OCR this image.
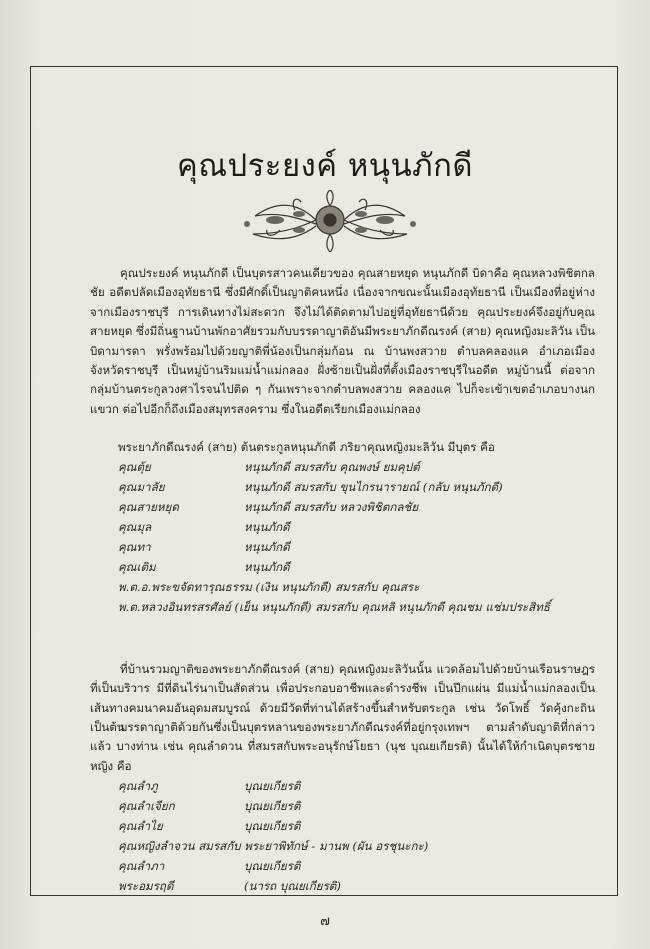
คุณประยงค์ หนุนภักดี

คุณประยงค์ หนุนภักดี เป็นบุตรสาวคนเดียวของ คุณสายหยุด หนุนภักดี บิดาคือ คุณหลวงพิชิตกลชัย อดีตปลัดเมืองอุทัยธานี ซึ่งมีศักดิ์เป็นญาติคนหนึ่ง เนื่องจากขณะนั้นเมืองอุทัยธานี เป็นเมืองที่อยู่ห่างจากเมืองราชบุรี การเดินทางไม่สะดวก จึงไม่ได้ติดตามไปอยู่ที่อุทัยธานีด้วย คุณประยงค์จึงอยู่กับคุณสายหยุด ซึ่งมีถิ่นฐานบ้านพักอาศัยรวมกับบรรดาญาติอันมีพระยาภักดีณรงค์ (สาย) คุณหญิงมะลิวัน เป็นบิดามารดา พรั่งพร้อมไปด้วยญาติพี่น้องเป็นกลุ่มก้อน ณ บ้านพงสวาย ตำบลคลองแค อำเภอเมือง จังหวัดราชบุรี เป็นหมู่บ้านริมแม่น้ำแม่กลอง ฝั่งซ้ายเป็นฝั่งที่ตั้งเมืองราชบุรีในอดีต หมู่บ้านนี้ ต่อจากกลุ่มบ้านตระกูลวงศาไรจนไปติด ๆ กันเพราะจากตำบลพงสวาย คลองแค ไปก็จะเข้าเขตอำเภอบางนกแขวก ต่อไปอีกก็ถึงเมืองสมุทรสงคราม ซึ่งในอดีตเรียกเมืองแม่กลอง

พระยาภักดีณรงค์ (สาย) ต้นตระกูลหนุนภักดี ภริยาคุณหญิงมะลิวัน มีบุตร คือ
คุณตุ้ย	หนุนภักดี สมรสกับ คุณพงษ์ ยมคุปต์
คุณมาลัย	หนุนภักดี สมรสกับ ขุนไกรนารายณ์ (กลับ หนุนภักดี)
คุณสายหยุด	หนุนภักดี สมรสกับ หลวงพิชิตกลชัย
คุณมุล	หนุนภักดี
คุณทา	หนุนภักดี
คุณเติม	หนุนภักดี
พ.ต.อ.พระขจัดทารุณธรรม (เงิน หนุนภักดี) สมรสกับ คุณสระ
พ.ต.หลวงอินทรสรศัลย์ (เย็น หนุนภักดี) สมรสกับ คุณหลิ หนุนภักดี คุณชม แช่มประสิทธิ์

ที่บ้านรวมญาติของพระยาภักดีณรงค์ (สาย) คุณหญิงมะลิวันนั้น แวดล้อมไปด้วยบ้านเรือนราษฎรที่เป็นบริวาร มีที่ดินไร่นาเป็นสัดส่วน เพื่อประกอบอาชีพและดำรงชีพ เป็นปึกแผ่น มีแม่น้ำแม่กลองเป็นเส้นทางคมนาคมอันอุดมสมบูรณ์ ด้วยมีวัดที่ท่านได้สร้างขึ้นสำหรับตระกูล เช่น วัดโพธิ์ วัดคุ้งกะถิน เป็นต้น

บรรดาญาติด้วยกันซึ่งเป็นบุตรหลานของพระยาภักดีณรงค์ที่อยู่กรุงเทพฯ ตามลำดับญาติที่กล่าวแล้ว บางท่าน เช่น คุณลำดวน ที่สมรสกับพระอนุรักษ์โยธา (นุช บุณยเกียรติ) นั้นได้ให้กำเนิดบุตรชายหญิง คือ

คุณลำภู	บุณยเกียรติ
คุณลำเจียก	บุณยเกียรติ
คุณลำไย	บุณยเกียรติ
คุณหญิงลำจวน สมรสกับ พระยาพิทักษ์ - มานพ (ผัน อรชุนะกะ)
คุณลำภา	บุณยเกียรติ
พระอมรฤดี	(นารถ บุณยเกียรติ)
๗
